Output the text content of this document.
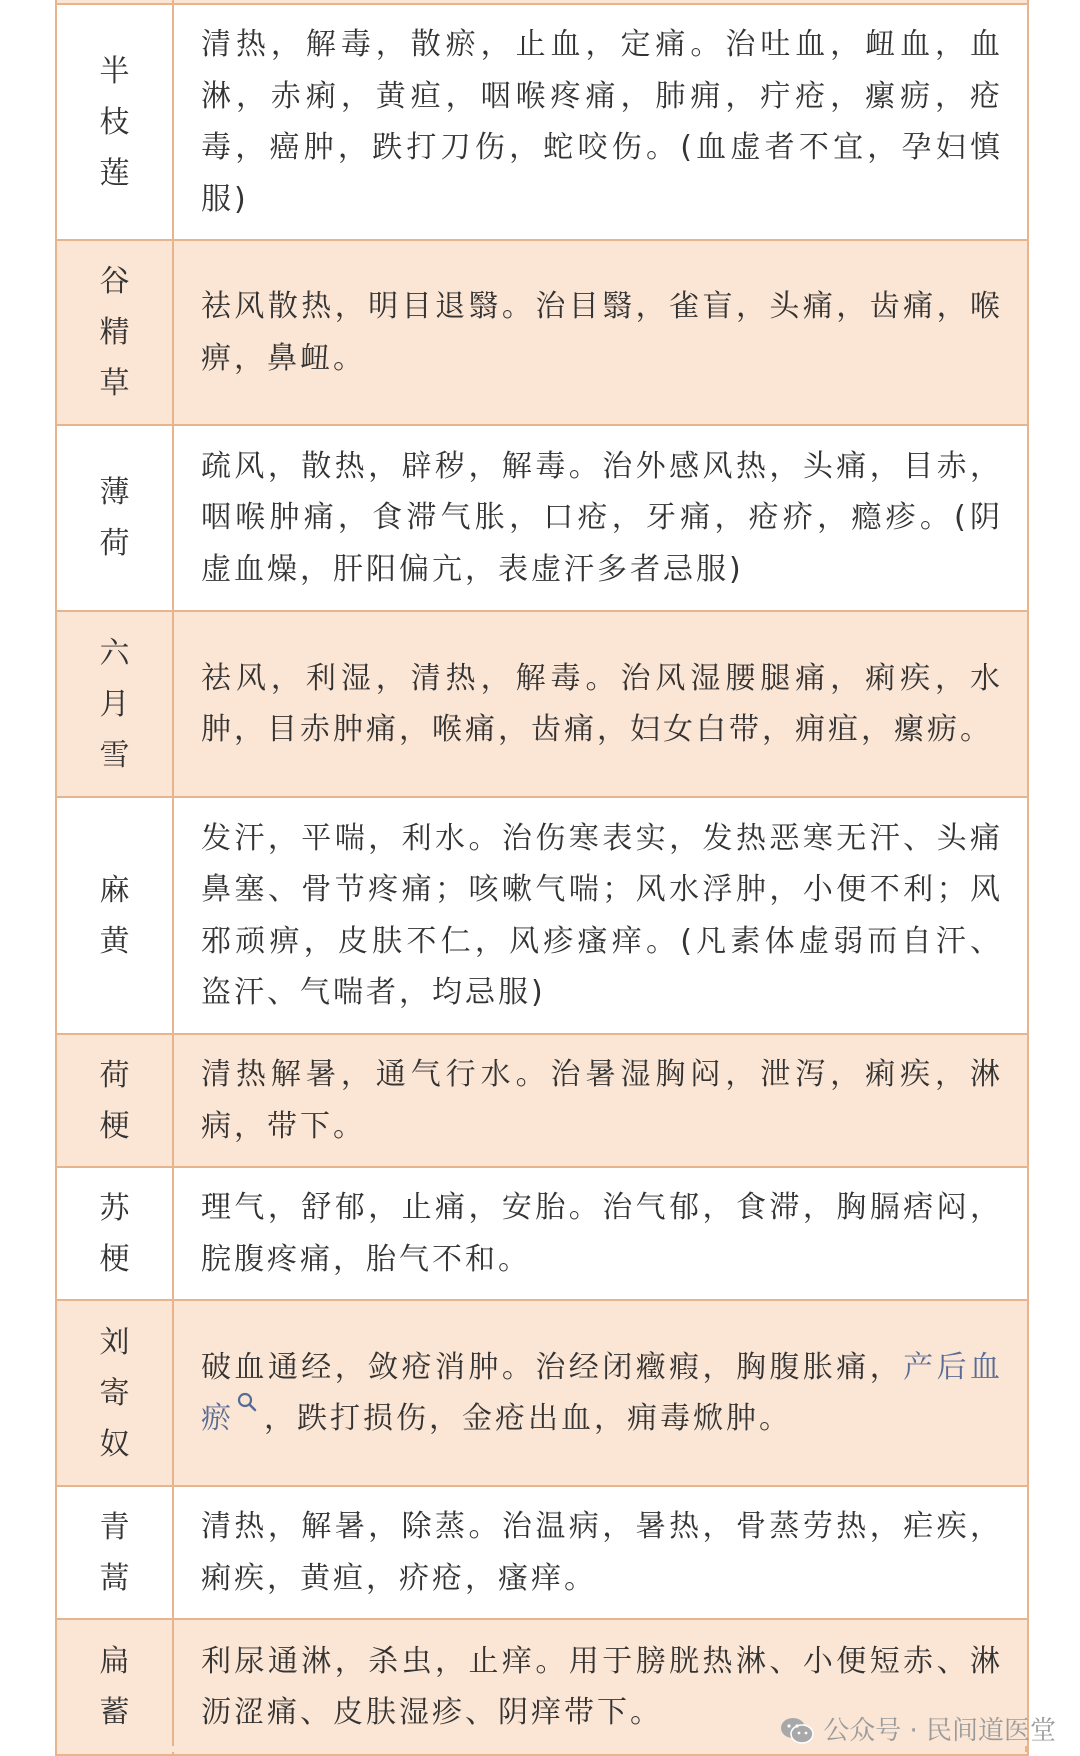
半枝莲	清热，解毒，散瘀，止血，定痛。治吐血，衄血，血淋，赤痢，黄疸，咽喉疼痛，肺痈，疔疮，瘰疬，疮毒，癌肿，跌打刀伤，蛇咬伤。(血虚者不宜，孕妇慎服)
谷精草	祛风散热，明目退翳。治目翳，雀盲，头痛，齿痛，喉痹，鼻衄。
薄荷	疏风，散热，辟秽，解毒。治外感风热，头痛，目赤，咽喉肿痛，食滞气胀，口疮，牙痛，疮疥，瘾疹。(阴虚血燥，肝阳偏亢，表虚汗多者忌服)
六月雪	祛风，利湿，清热，解毒。治风湿腰腿痛，痢疾，水肿，目赤肿痛，喉痛，齿痛，妇女白带，痈疽，瘰疬。
麻黄	发汗，平喘，利水。治伤寒表实，发热恶寒无汗、头痛鼻塞、骨节疼痛；咳嗽气喘；风水浮肿，小便不利；风邪顽痹，皮肤不仁，风疹瘙痒。(凡素体虚弱而自汗、盗汗、气喘者，均忌服)
荷梗	清热解暑，通气行水。治暑湿胸闷，泄泻，痢疾，淋病，带下。
苏梗	理气，舒郁，止痛，安胎。治气郁，食滞，胸膈痞闷，脘腹疼痛，胎气不和。
刘寄奴	破血通经，敛疮消肿。治经闭癥瘕，胸腹胀痛，产后血瘀 ，跌打损伤，金疮出血，痈毒焮肿。
青蒿	清热，解暑，除蒸。治温病，暑热，骨蒸劳热，疟疾，痢疾，黄疸，疥疮，瘙痒。
扁蓄	利尿通淋，杀虫，止痒。用于膀胱热淋、小便短赤、淋沥涩痛、皮肤湿疹、阴痒带下。
公众号 · 民间道医堂
